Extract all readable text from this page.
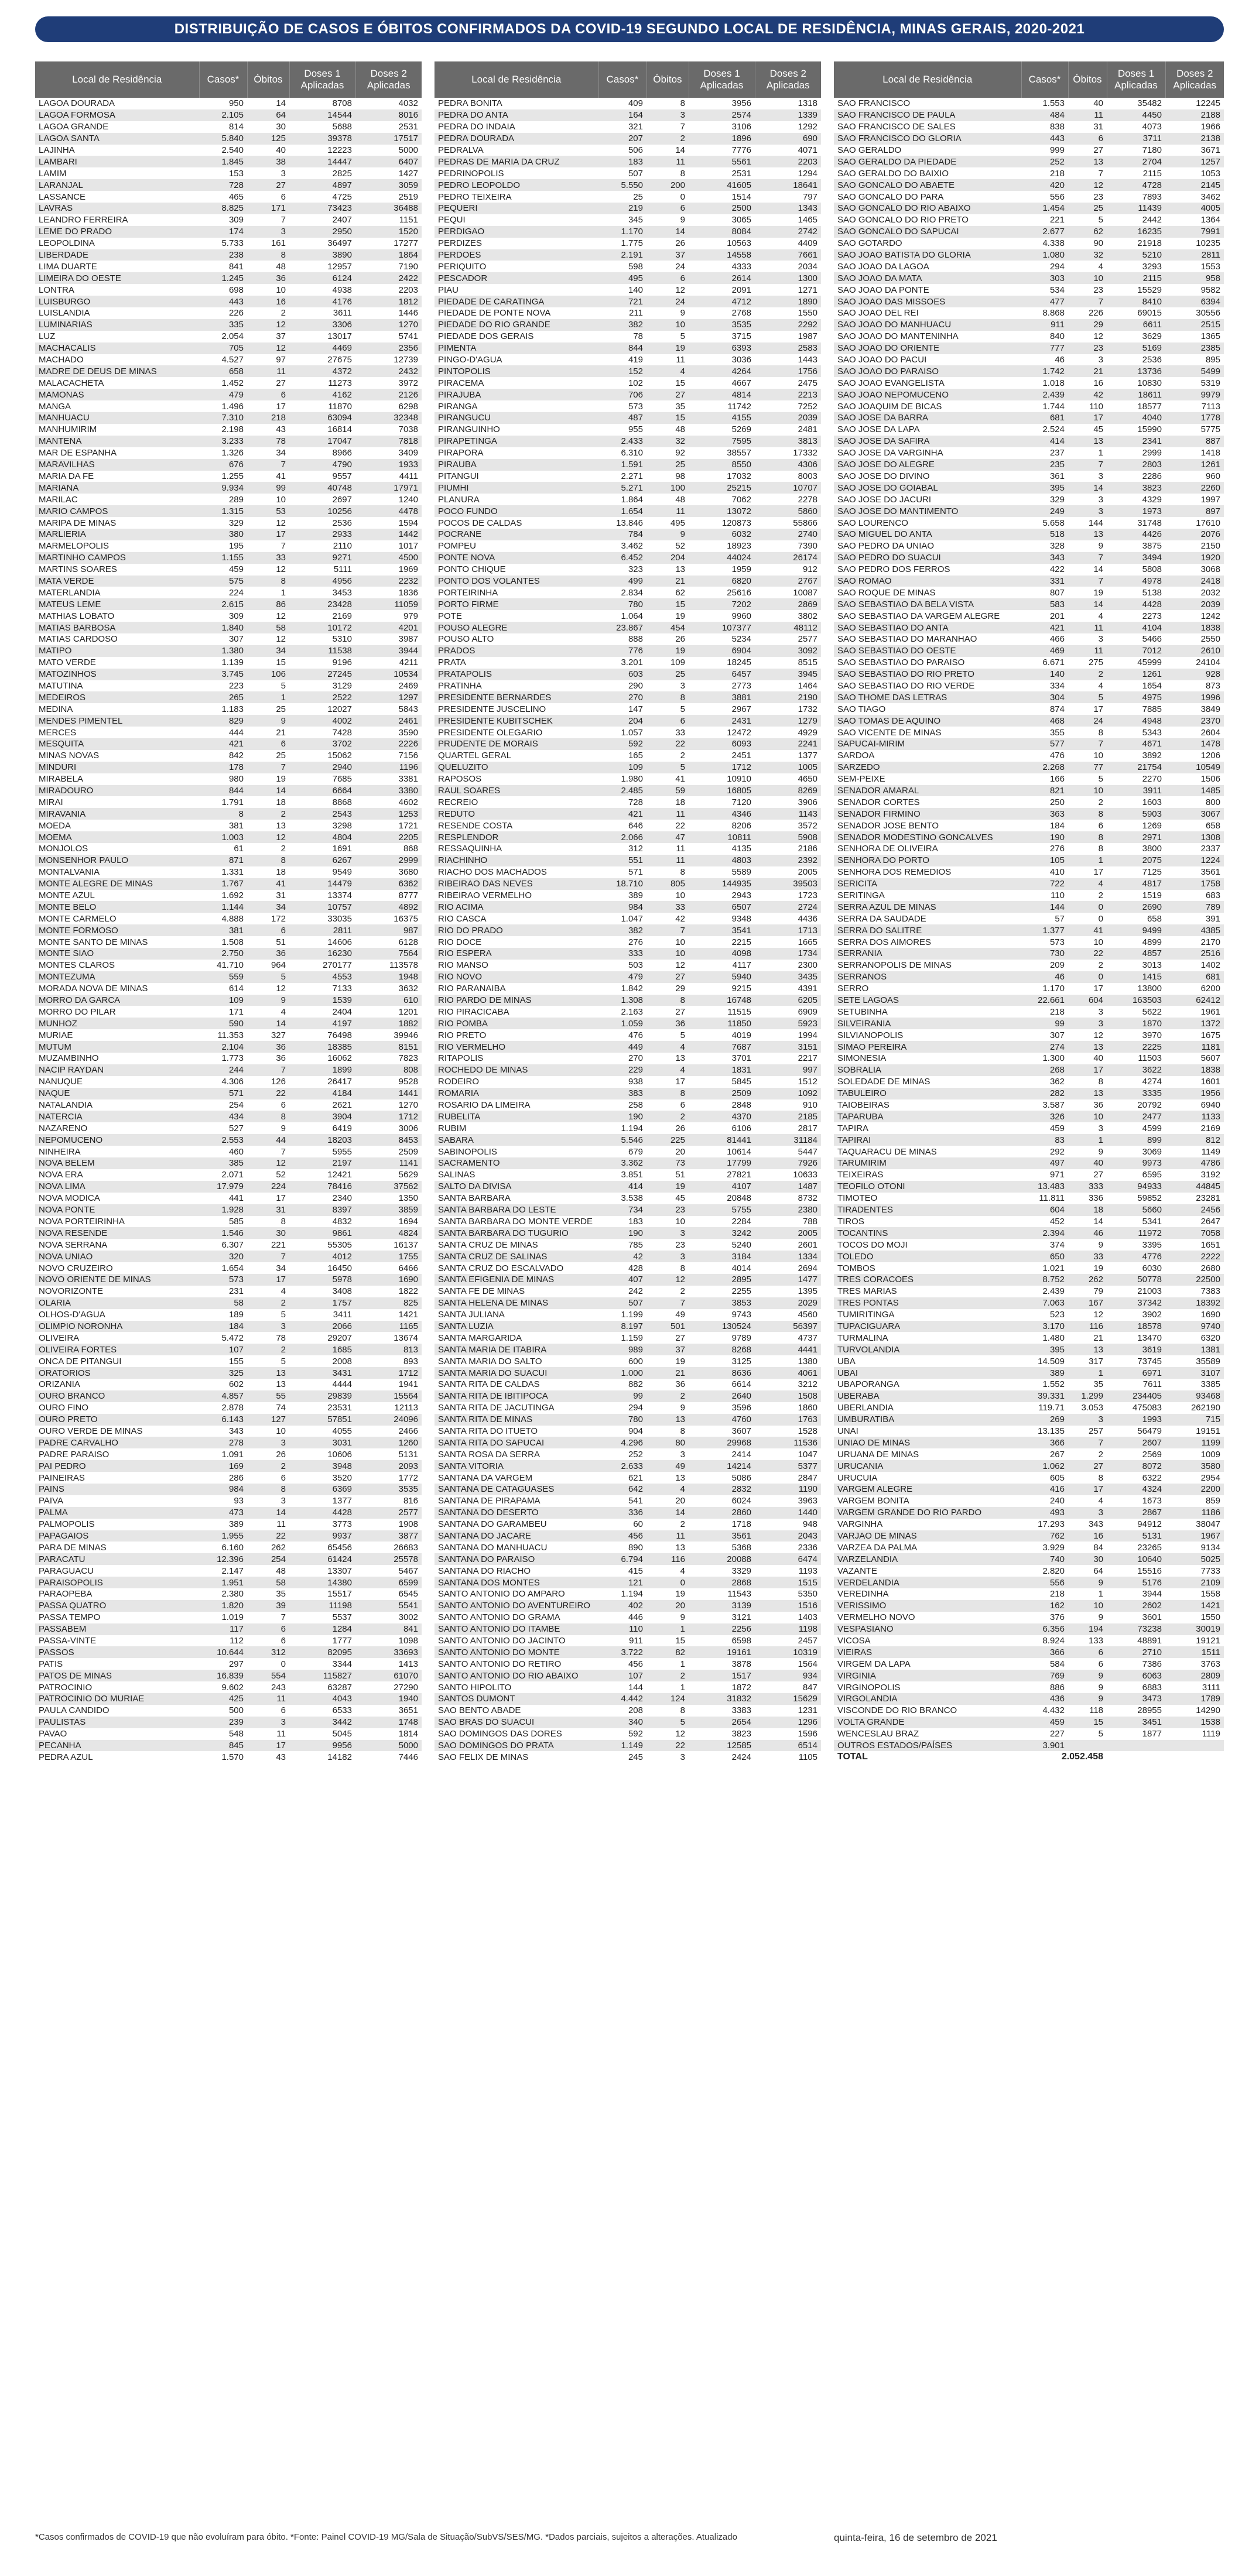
DISTRIBUIÇÃO DE CASOS E ÓBITOS CONFIRMADOS DA COVID-19 SEGUNDO LOCAL DE RESIDÊNCIA, MINAS GERAIS, 2020-2021
Local de Residência	Casos*	Óbitos	Doses 1 Aplicadas	Doses 2 Aplicadas
LAGOA DOURADA	950	14	8708	4032
LAGOA FORMOSA	2.105	64	14544	8016
LAGOA GRANDE	814	30	5688	2531
LAGOA SANTA	5.840	125	39378	17517
LAJINHA	2.540	40	12223	5000
LAMBARI	1.845	38	14447	6407
LAMIM	153	3	2825	1427
LARANJAL	728	27	4897	3059
LASSANCE	465	6	4725	2519
LAVRAS	8.825	171	73423	36488
LEANDRO FERREIRA	309	7	2407	1151
LEME DO PRADO	174	3	2950	1520
LEOPOLDINA	5.733	161	36497	17277
LIBERDADE	238	8	3890	1864
LIMA DUARTE	841	48	12957	7190
LIMEIRA DO OESTE	1.245	36	6124	2422
LONTRA	698	10	4938	2203
LUISBURGO	443	16	4176	1812
LUISLANDIA	226	2	3611	1446
LUMINARIAS	335	12	3306	1270
LUZ	2.054	37	13017	5741
MACHACALIS	705	12	4469	2356
MACHADO	4.527	97	27675	12739
MADRE DE DEUS DE MINAS	658	11	4372	2432
MALACACHETA	1.452	27	11273	3972
MAMONAS	479	6	4162	2126
MANGA	1.496	17	11870	6298
MANHUACU	7.310	218	63094	32348
MANHUMIRIM	2.198	43	16814	7038
MANTENA	3.233	78	17047	7818
MAR DE ESPANHA	1.326	34	8966	3409
MARAVILHAS	676	7	4790	1933
MARIA DA FE	1.255	41	9557	4411
MARIANA	9.934	99	40748	17971
MARILAC	289	10	2697	1240
MARIO CAMPOS	1.315	53	10256	4478
MARIPA DE MINAS	329	12	2536	1594
MARLIERIA	380	17	2933	1442
MARMELOPOLIS	195	7	2110	1017
MARTINHO CAMPOS	1.155	33	9271	4500
MARTINS SOARES	459	12	5111	1969
MATA VERDE	575	8	4956	2232
MATERLANDIA	224	1	3453	1836
MATEUS LEME	2.615	86	23428	11059
MATHIAS LOBATO	309	12	2169	979
MATIAS BARBOSA	1.840	58	10172	4201
MATIAS CARDOSO	307	12	5310	3987
MATIPO	1.380	34	11538	3944
MATO VERDE	1.139	15	9196	4211
MATOZINHOS	3.745	106	27245	10534
MATUTINA	223	5	3129	2469
MEDEIROS	265	1	2522	1297
MEDINA	1.183	25	12027	5843
MENDES PIMENTEL	829	9	4002	2461
MERCES	444	21	7428	3590
MESQUITA	421	6	3702	2226
MINAS NOVAS	842	25	15062	7156
MINDURI	178	7	2940	1196
MIRABELA	980	19	7685	3381
MIRADOURO	844	14	6664	3380
MIRAI	1.791	18	8868	4602
MIRAVANIA	8	2	2543	1253
MOEDA	381	13	3298	1721
MOEMA	1.003	12	4804	2205
MONJOLOS	61	2	1691	868
MONSENHOR PAULO	871	8	6267	2999
MONTALVANIA	1.331	18	9549	3680
MONTE ALEGRE DE MINAS	1.767	41	14479	6362
MONTE AZUL	1.692	31	13374	8777
MONTE BELO	1.144	34	10757	4892
MONTE CARMELO	4.888	172	33035	16375
MONTE FORMOSO	381	6	2811	987
MONTE SANTO DE MINAS	1.508	51	14606	6128
MONTE SIAO	2.750	36	16230	7564
MONTES CLAROS	41.710	964	270177	113578
MONTEZUMA	559	5	4553	1948
MORADA NOVA DE MINAS	614	12	7133	3632
MORRO DA GARCA	109	9	1539	610
MORRO DO PILAR	171	4	2404	1201
MUNHOZ	590	14	4197	1882
MURIAE	11.353	327	76498	39946
MUTUM	2.104	36	18385	8151
MUZAMBINHO	1.773	36	16062	7823
NACIP RAYDAN	244	7	1899	808
NANUQUE	4.306	126	26417	9528
NAQUE	571	22	4184	1441
NATALANDIA	254	6	2621	1270
NATERCIA	434	8	3904	1712
NAZARENO	527	9	6419	3006
NEPOMUCENO	2.553	44	18203	8453
NINHEIRA	460	7	5955	2509
NOVA BELEM	385	12	2197	1141
NOVA ERA	2.071	52	12421	5629
NOVA LIMA	17.979	224	78416	37562
NOVA MODICA	441	17	2340	1350
NOVA PONTE	1.928	31	8397	3859
NOVA PORTEIRINHA	585	8	4832	1694
NOVA RESENDE	1.546	30	9861	4824
NOVA SERRANA	6.307	221	55305	16137
NOVA UNIAO	320	7	4012	1755
NOVO CRUZEIRO	1.654	34	16450	6466
NOVO ORIENTE DE MINAS	573	17	5978	1690
NOVORIZONTE	231	4	3408	1822
OLARIA	58	2	1757	825
OLHOS-D'AGUA	189	5	3411	1421
OLIMPIO NORONHA	184	3	2066	1165
OLIVEIRA	5.472	78	29207	13674
OLIVEIRA FORTES	107	2	1685	813
ONCA DE PITANGUI	155	5	2008	893
ORATORIOS	325	13	3431	1712
ORIZANIA	602	13	4444	1941
OURO BRANCO	4.857	55	29839	15564
OURO FINO	2.878	74	23531	12113
OURO PRETO	6.143	127	57851	24096
OURO VERDE DE MINAS	343	10	4055	2466
PADRE CARVALHO	278	3	3031	1260
PADRE PARAISO	1.091	26	10606	5131
PAI PEDRO	169	2	3948	2093
PAINEIRAS	286	6	3520	1772
PAINS	984	8	6369	3535
PAIVA	93	3	1377	816
PALMA	473	14	4428	2577
PALMOPOLIS	389	11	3773	1908
PAPAGAIOS	1.955	22	9937	3877
PARA DE MINAS	6.160	262	65456	26683
PARACATU	12.396	254	61424	25578
PARAGUACU	2.147	48	13307	5467
PARAISOPOLIS	1.951	58	14380	6599
PARAOPEBA	2.380	35	15517	6545
PASSA QUATRO	1.820	39	11198	5541
PASSA TEMPO	1.019	7	5537	3002
PASSABEM	117	6	1284	841
PASSA-VINTE	112	6	1777	1098
PASSOS	10.644	312	82095	33693
PATIS	297	0	3344	1413
PATOS DE MINAS	16.839	554	115827	61070
PATROCINIO	9.602	243	63287	27290
PATROCINIO DO MURIAE	425	11	4043	1940
PAULA CANDIDO	500	6	6533	3651
PAULISTAS	239	3	3442	1748
PAVAO	548	11	5045	1814
PECANHA	845	17	9956	5000
PEDRA AZUL	1.570	43	14182	7446
Local de Residência	Casos*	Óbitos	Doses 1 Aplicadas	Doses 2 Aplicadas
PEDRA BONITA	409	8	3956	1318
PEDRA DO ANTA	164	3	2574	1339
PEDRA DO INDAIA	321	7	3106	1292
PEDRA DOURADA	207	2	1896	690
PEDRALVA	506	14	7776	4071
PEDRAS DE MARIA DA CRUZ	183	11	5561	2203
PEDRINOPOLIS	507	8	2531	1294
PEDRO LEOPOLDO	5.550	200	41605	18641
PEDRO TEIXEIRA	25	0	1514	797
PEQUERI	219	6	2500	1343
PEQUI	345	9	3065	1465
PERDIGAO	1.170	14	8084	2742
PERDIZES	1.775	26	10563	4409
PERDOES	2.191	37	14558	7661
PERIQUITO	598	24	4333	2034
PESCADOR	495	6	2614	1300
PIAU	140	12	2091	1271
PIEDADE DE CARATINGA	721	24	4712	1890
PIEDADE DE PONTE NOVA	211	9	2768	1550
PIEDADE DO RIO GRANDE	382	10	3535	2292
PIEDADE DOS GERAIS	78	5	3715	1987
PIMENTA	844	19	6393	2583
PINGO-D'AGUA	419	11	3036	1443
PINTOPOLIS	152	4	4264	1756
PIRACEMA	102	15	4667	2475
PIRAJUBA	706	27	4814	2213
PIRANGA	573	35	11742	7252
PIRANGUCU	487	15	4155	2039
PIRANGUINHO	955	48	5269	2481
PIRAPETINGA	2.433	32	7595	3813
PIRAPORA	6.310	92	38557	17332
PIRAUBA	1.591	25	8550	4306
PITANGUI	2.271	98	17032	8003
PIUMHI	5.271	100	25215	10707
PLANURA	1.864	48	7062	2278
POCO FUNDO	1.654	11	13072	5860
POCOS DE CALDAS	13.846	495	120873	55866
POCRANE	784	9	6032	2740
POMPEU	3.462	52	18923	7390
PONTE NOVA	6.452	204	44024	26174
PONTO CHIQUE	323	13	1959	912
PONTO DOS VOLANTES	499	21	6820	2767
PORTEIRINHA	2.834	62	25616	10087
PORTO FIRME	780	15	7202	2869
POTE	1.064	19	9960	3802
POUSO ALEGRE	23.867	454	107377	48112
POUSO ALTO	888	26	5234	2577
PRADOS	776	19	6904	3092
PRATA	3.201	109	18245	8515
PRATAPOLIS	603	25	6457	3945
PRATINHA	290	3	2773	1464
PRESIDENTE BERNARDES	270	8	3881	2190
PRESIDENTE JUSCELINO	147	5	2967	1732
PRESIDENTE KUBITSCHEK	204	6	2431	1279
PRESIDENTE OLEGARIO	1.057	33	12472	4929
PRUDENTE DE MORAIS	592	22	6093	2241
QUARTEL GERAL	165	2	2451	1377
QUELUZITO	109	5	1712	1005
RAPOSOS	1.980	41	10910	4650
RAUL SOARES	2.485	59	16805	8269
RECREIO	728	18	7120	3906
REDUTO	421	11	4346	1143
RESENDE COSTA	646	22	8206	3572
RESPLENDOR	2.066	47	10811	5908
RESSAQUINHA	312	11	4135	2186
RIACHINHO	551	11	4803	2392
RIACHO DOS MACHADOS	571	8	5589	2005
RIBEIRAO DAS NEVES	18.710	805	144935	39503
RIBEIRAO VERMELHO	389	10	2943	1723
RIO ACIMA	984	33	6507	2724
RIO CASCA	1.047	42	9348	4436
RIO DO PRADO	382	7	3541	1713
RIO DOCE	276	10	2215	1665
RIO ESPERA	333	10	4098	1734
RIO MANSO	503	12	4117	2300
RIO NOVO	479	27	5940	3435
RIO PARANAIBA	1.842	29	9215	4391
RIO PARDO DE MINAS	1.308	8	16748	6205
RIO PIRACICABA	2.163	27	11515	6909
RIO POMBA	1.059	36	11850	5923
RIO PRETO	476	5	4019	1994
RIO VERMELHO	449	4	7687	3151
RITAPOLIS	270	13	3701	2217
ROCHEDO DE MINAS	229	4	1831	997
RODEIRO	938	17	5845	1512
ROMARIA	383	8	2509	1092
ROSARIO DA LIMEIRA	258	6	2848	910
RUBELITA	190	2	4370	2185
RUBIM	1.194	26	6106	2817
SABARA	5.546	225	81441	31184
SABINOPOLIS	679	20	10614	5447
SACRAMENTO	3.362	73	17799	7926
SALINAS	3.851	51	27821	10633
SALTO DA DIVISA	414	19	4107	1487
SANTA BARBARA	3.538	45	20848	8732
SANTA BARBARA DO LESTE	734	23	5755	2380
SANTA BARBARA DO MONTE VERDE	183	10	2284	788
SANTA BARBARA DO TUGURIO	190	3	3242	2005
SANTA CRUZ DE MINAS	785	23	5240	2601
SANTA CRUZ DE SALINAS	42	3	3184	1334
SANTA CRUZ DO ESCALVADO	428	8	4014	2694
SANTA EFIGENIA DE MINAS	407	12	2895	1477
SANTA FE DE MINAS	242	2	2255	1395
SANTA HELENA DE MINAS	507	7	3853	2029
SANTA JULIANA	1.199	49	9743	4560
SANTA LUZIA	8.197	501	130524	56397
SANTA MARGARIDA	1.159	27	9789	4737
SANTA MARIA DE ITABIRA	989	37	8268	4441
SANTA MARIA DO SALTO	600	19	3125	1380
SANTA MARIA DO SUACUI	1.000	21	8636	4061
SANTA RITA DE CALDAS	882	36	6614	3212
SANTA RITA DE IBITIPOCA	99	2	2640	1508
SANTA RITA DE JACUTINGA	294	9	3596	1860
SANTA RITA DE MINAS	780	13	4760	1763
SANTA RITA DO ITUETO	904	8	3607	1528
SANTA RITA DO SAPUCAI	4.296	80	29968	11536
SANTA ROSA DA SERRA	252	3	2414	1047
SANTA VITORIA	2.633	49	14214	5377
SANTANA DA VARGEM	621	13	5086	2847
SANTANA DE CATAGUASES	642	4	2832	1190
SANTANA DE PIRAPAMA	541	20	6024	3963
SANTANA DO DESERTO	336	14	2860	1440
SANTANA DO GARAMBEU	60	2	1718	948
SANTANA DO JACARE	456	11	3561	2043
SANTANA DO MANHUACU	890	13	5368	2336
SANTANA DO PARAISO	6.794	116	20088	6474
SANTANA DO RIACHO	415	4	3329	1193
SANTANA DOS MONTES	121	0	2868	1515
SANTO ANTONIO DO AMPARO	1.194	19	11543	5350
SANTO ANTONIO DO AVENTUREIRO	402	20	3139	1516
SANTO ANTONIO DO GRAMA	446	9	3121	1403
SANTO ANTONIO DO ITAMBE	110	1	2256	1198
SANTO ANTONIO DO JACINTO	911	15	6598	2457
SANTO ANTONIO DO MONTE	3.722	82	19161	10319
SANTO ANTONIO DO RETIRO	456	1	3878	1564
SANTO ANTONIO DO RIO ABAIXO	107	2	1517	934
SANTO HIPOLITO	144	1	1872	847
SANTOS DUMONT	4.442	124	31832	15629
SAO BENTO ABADE	208	8	3383	1231
SAO BRAS DO SUACUI	340	5	2654	1296
SAO DOMINGOS DAS DORES	592	12	3823	1596
SAO DOMINGOS DO PRATA	1.149	22	12585	6514
SAO FELIX DE MINAS	245	3	2424	1105
Local de Residência	Casos*	Óbitos	Doses 1 Aplicadas	Doses 2 Aplicadas
SAO FRANCISCO	1.553	40	35482	12245
SAO FRANCISCO DE PAULA	484	11	4450	2188
SAO FRANCISCO DE SALES	838	31	4073	1966
SAO FRANCISCO DO GLORIA	443	6	3711	2138
SAO GERALDO	999	27	7180	3671
SAO GERALDO DA PIEDADE	252	13	2704	1257
SAO GERALDO DO BAIXIO	218	7	2115	1053
SAO GONCALO DO ABAETE	420	12	4728	2145
SAO GONCALO DO PARA	556	23	7893	3462
SAO GONCALO DO RIO ABAIXO	1.454	25	11439	4005
SAO GONCALO DO RIO PRETO	221	5	2442	1364
SAO GONCALO DO SAPUCAI	2.677	62	16235	7991
SAO GOTARDO	4.338	90	21918	10235
SAO JOAO BATISTA DO GLORIA	1.080	32	5210	2811
SAO JOAO DA LAGOA	294	4	3293	1553
SAO JOAO DA MATA	303	10	2115	958
SAO JOAO DA PONTE	534	23	15529	9582
SAO JOAO DAS MISSOES	477	7	8410	6394
SAO JOAO DEL REI	8.868	226	69015	30556
SAO JOAO DO MANHUACU	911	29	6611	2515
SAO JOAO DO MANTENINHA	840	12	3629	1365
SAO JOAO DO ORIENTE	777	23	5169	2385
SAO JOAO DO PACUI	46	3	2536	895
SAO JOAO DO PARAISO	1.742	21	13736	5499
SAO JOAO EVANGELISTA	1.018	16	10830	5319
SAO JOAO NEPOMUCENO	2.439	42	18611	9979
SAO JOAQUIM DE BICAS	1.744	110	18577	7113
SAO JOSE DA BARRA	681	17	4040	1778
SAO JOSE DA LAPA	2.524	45	15990	5775
SAO JOSE DA SAFIRA	414	13	2341	887
SAO JOSE DA VARGINHA	237	1	2999	1418
SAO JOSE DO ALEGRE	235	7	2803	1261
SAO JOSE DO DIVINO	361	3	2286	960
SAO JOSE DO GOIABAL	395	14	3823	2260
SAO JOSE DO JACURI	329	3	4329	1997
SAO JOSE DO MANTIMENTO	249	3	1973	897
SAO LOURENCO	5.658	144	31748	17610
SAO MIGUEL DO ANTA	518	13	4426	2076
SAO PEDRO DA UNIAO	328	9	3875	2150
SAO PEDRO DO SUACUI	343	7	3494	1920
SAO PEDRO DOS FERROS	422	14	5808	3068
SAO ROMAO	331	7	4978	2418
SAO ROQUE DE MINAS	807	19	5138	2032
SAO SEBASTIAO DA BELA VISTA	583	14	4428	2039
SAO SEBASTIAO DA VARGEM ALEGRE	201	4	2273	1242
SAO SEBASTIAO DO ANTA	421	11	4104	1838
SAO SEBASTIAO DO MARANHAO	466	3	5466	2550
SAO SEBASTIAO DO OESTE	469	11	7012	2610
SAO SEBASTIAO DO PARAISO	6.671	275	45999	24104
SAO SEBASTIAO DO RIO PRETO	140	2	1261	928
SAO SEBASTIAO DO RIO VERDE	334	4	1654	873
SAO THOME DAS LETRAS	304	5	4975	1996
SAO TIAGO	874	17	7885	3849
SAO TOMAS DE AQUINO	468	24	4948	2370
SAO VICENTE DE MINAS	355	8	5343	2604
SAPUCAI-MIRIM	577	7	4671	1478
SARDOA	476	10	3892	1206
SARZEDO	2.268	77	21754	10549
SEM-PEIXE	166	5	2270	1506
SENADOR AMARAL	821	10	3911	1485
SENADOR CORTES	250	2	1603	800
SENADOR FIRMINO	363	8	5903	3067
SENADOR JOSE BENTO	184	6	1269	658
SENADOR MODESTINO GONCALVES	190	8	2971	1308
SENHORA DE OLIVEIRA	276	8	3800	2337
SENHORA DO PORTO	105	1	2075	1224
SENHORA DOS REMEDIOS	410	17	7125	3561
SERICITA	722	4	4817	1758
SERITINGA	110	2	1519	683
SERRA AZUL DE MINAS	144	0	2690	789
SERRA DA SAUDADE	57	0	658	391
SERRA DO SALITRE	1.377	41	9499	4385
SERRA DOS AIMORES	573	10	4899	2170
SERRANIA	730	22	4857	2516
SERRANOPOLIS DE MINAS	209	2	3013	1402
SERRANOS	46	0	1415	681
SERRO	1.170	17	13800	6200
SETE LAGOAS	22.661	604	163503	62412
SETUBINHA	218	3	5622	1961
SILVEIRANIA	99	3	1870	1372
SILVIANOPOLIS	307	12	3970	1675
SIMAO PEREIRA	274	13	2225	1181
SIMONESIA	1.300	40	11503	5607
SOBRALIA	268	17	3622	1838
SOLEDADE DE MINAS	362	8	4274	1601
TABULEIRO	282	13	3335	1956
TAIOBEIRAS	3.587	36	20792	6940
TAPARUBA	326	10	2477	1133
TAPIRA	459	3	4599	2169
TAPIRAI	83	1	899	812
TAQUARACU DE MINAS	292	9	3069	1149
TARUMIRIM	497	40	9973	4786
TEIXEIRAS	971	27	6595	3192
TEOFILO OTONI	13.483	333	94933	44845
TIMOTEO	11.811	336	59852	23281
TIRADENTES	604	18	5660	2456
TIROS	452	14	5341	2647
TOCANTINS	2.394	46	11972	7058
TOCOS DO MOJI	374	9	3395	1651
TOLEDO	650	33	4776	2222
TOMBOS	1.021	19	6030	2680
TRES CORACOES	8.752	262	50778	22500
TRES MARIAS	2.439	79	21003	7383
TRES PONTAS	7.063	167	37342	18392
TUMIRITINGA	523	12	3902	1690
TUPACIGUARA	3.170	116	18578	9740
TURMALINA	1.480	21	13470	6320
TURVOLANDIA	395	13	3619	1381
UBA	14.509	317	73745	35589
UBAI	389	1	6971	3107
UBAPORANGA	1.552	35	7611	3385
UBERABA	39.331	1.299	234405	93468
UBERLANDIA	119.71	3.053	475083	262190
UMBURATIBA	269	3	1993	715
UNAI	13.135	257	56479	19151
UNIAO DE MINAS	366	7	2607	1199
URUANA DE MINAS	267	2	2569	1009
URUCANIA	1.062	27	8072	3580
URUCUIA	605	8	6322	2954
VARGEM ALEGRE	416	17	4324	2200
VARGEM BONITA	240	4	1673	859
VARGEM GRANDE DO RIO PARDO	493	3	2867	1186
VARGINHA	17.293	343	94912	38047
VARJAO DE MINAS	762	16	5131	1967
VARZEA DA PALMA	3.929	84	23265	9134
VARZELANDIA	740	30	10640	5025
VAZANTE	2.820	64	15516	7733
VERDELANDIA	556	9	5176	2109
VEREDINHA	218	1	3944	1558
VERISSIMO	162	10	2602	1421
VERMELHO NOVO	376	9	3601	1550
VESPASIANO	6.356	194	73238	30019
VICOSA	8.924	133	48891	19121
VIEIRAS	366	6	2710	1511
VIRGEM DA LAPA	584	6	7386	3763
VIRGINIA	769	9	6063	2809
VIRGINOPOLIS	886	9	6883	3111
VIRGOLANDIA	436	9	3473	1789
VISCONDE DO RIO BRANCO	4.432	118	28955	14290
VOLTA GRANDE	459	15	3451	1538
WENCESLAU BRAZ	227	5	1877	1119
OUTROS ESTADOS/PAÍSES	3.901			
TOTAL	2.052.458			
*Casos confirmados de COVID-19 que não evoluíram para óbito. *Fonte: Painel COVID-19 MG/Sala de Situação/SubVS/SES/MG. *Dados parciais, sujeitos a alterações. Atualizado	quinta-feira, 16 de setembro de 2021
